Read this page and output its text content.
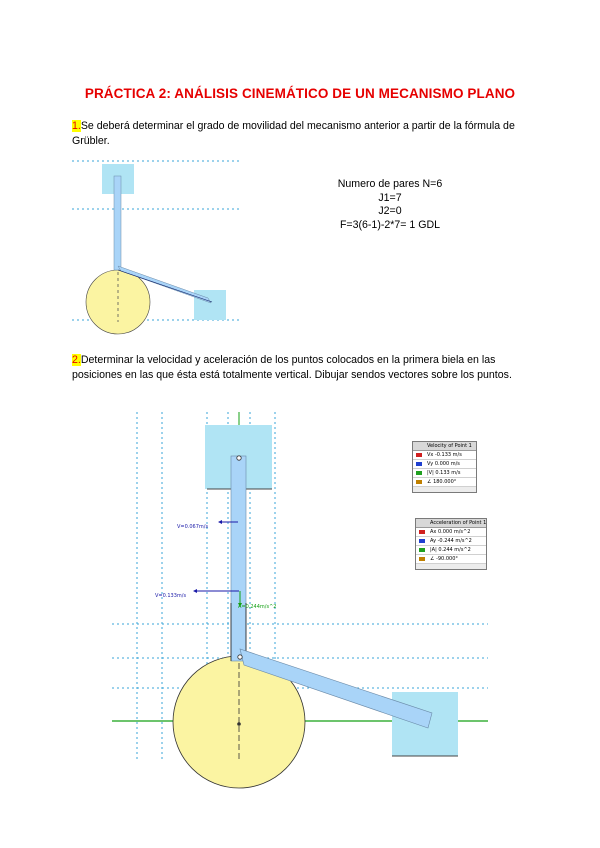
PRÁCTICA 2: ANÁLISIS CINEMÁTICO DE UN MECANISMO PLANO
1.Se deberá determinar el grado de movilidad del mecanismo anterior a partir de la fórmula de Grübler.
Numero de pares N=6
J1=7
J2=0
F=3(6-1)-2*7= 1 GDL
2.Determinar la velocidad y aceleración de los puntos colocados en la primera biela en las posiciones en las que ésta está totalmente vertical. Dibujar sendos vectores sobre los puntos.
V=0.067m/s
V=0.133m/s
A=0.244m/s^2
Velocity of Point 1
Vx -0.133 m/s
Vy 0.000 m/s
|V| 0.133 m/s
∠ 180.000°
Acceleration of Point 1
Ax 0.000 m/s^2
Ay -0.244 m/s^2
|A| 0.244 m/s^2
∠ -90.000°
